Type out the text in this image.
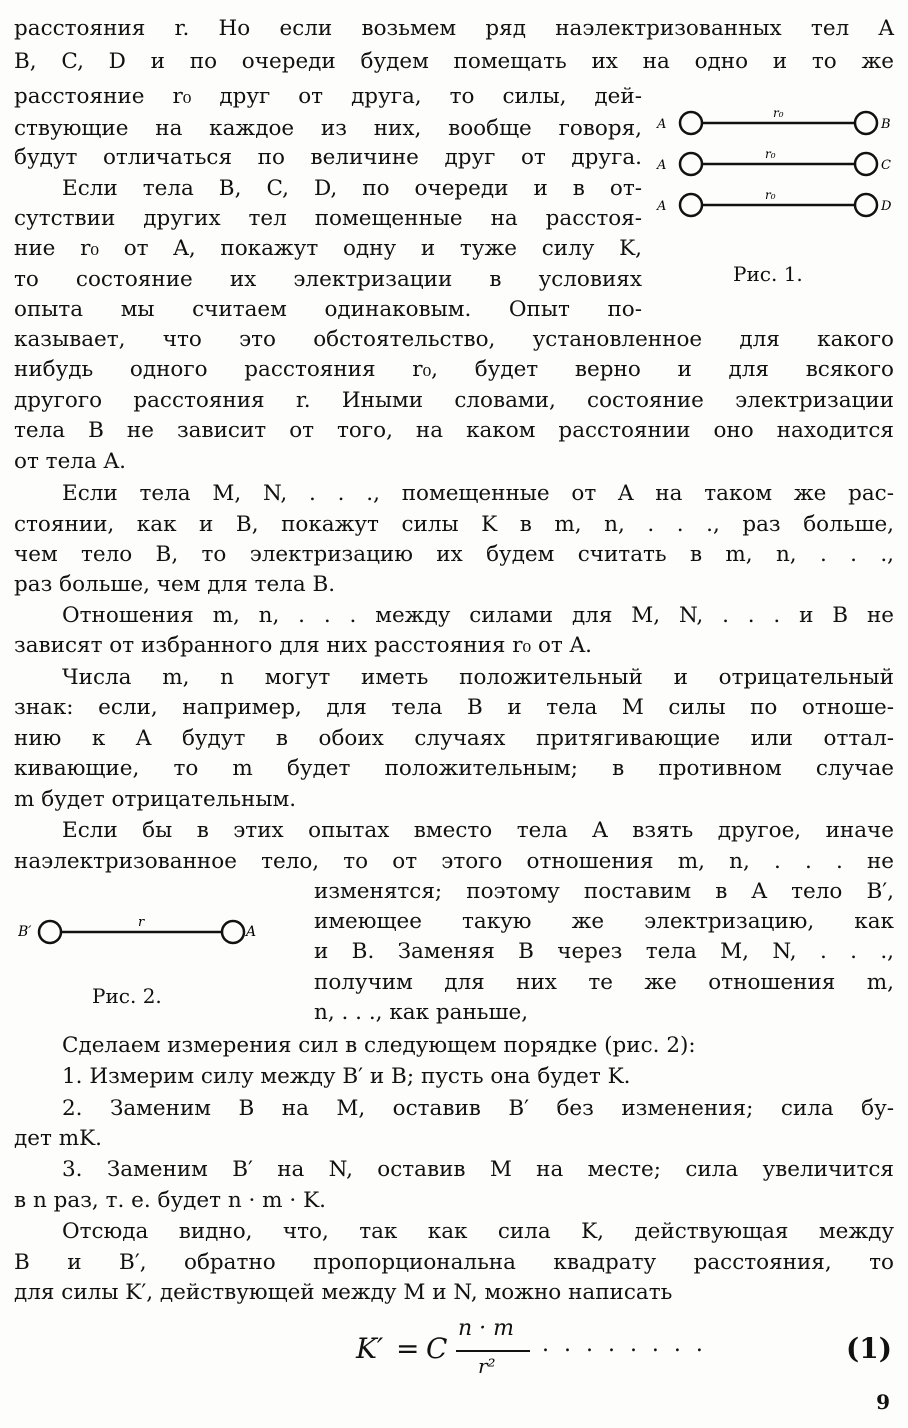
расстояния r. Но если возьмем ряд наэлектризованных тел A
B, C, D и по очереди будем помещать их на одно и то же
расстояние r₀ друг от друга, то силы, дей-
ствующие на каждое из них, вообще говоря,
будут отличаться по величине друг от друга.
Если тела B, C, D, по очереди и в от-
сутствии других тел помещенные на расстоя-
ние r₀ от A, покажут одну и туже силу K,
то состояние их электризации в условиях
опыта мы считаем одинаковым. Опыт по-
казывает, что это обстоятельство, установленное для какого
нибудь одного расстояния r₀, будет верно и для всякого
другого расстояния r. Иными словами, состояние электризации
тела B не зависит от того, на каком расстоянии оно находится
от тела A.
Если тела M, N, . . ., помещенные от A на таком же рас-
стоянии, как и B, покажут силы K в m, n, . . ., раз больше,
чем тело B, то электризацию их будем считать в m, n, . . .,
раз больше, чем для тела B.
Отношения m, n, . . . между силами для M, N, . . . и B не
зависят от избранного для них расстояния r₀ от A.
Числа m, n могут иметь положительный и отрицательный
знак: если, например, для тела B и тела M силы по отноше-
нию к A будут в обоих случаях притягивающие или оттал-
кивающие, то m будет положительным; в противном случае
m будет отрицательным.
Если бы в этих опытах вместо тела A взять другое, иначе
наэлектризованное тело, то от этого отношения m, n, . . . не
изменятся; поэтому поставим в A тело B′,
имеющее такую же электризацию, как
и B. Заменяя B через тела M, N, . . .,
получим для них те же отношения m,
n, . . ., как раньше,
Сделаем измерения сил в следующем порядке (рис. 2):
1. Измерим силу между B′ и B; пусть она будет K.
2. Заменим B на M, оставив B′ без изменения; сила бу-
дет mK.
3. Заменим B′ на N, оставив M на месте; сила увеличится
в n раз, т. е. будет n · m · K.
Отсюда видно, что, так как сила K, действующая между
B и B′, обратно пропорциональна квадрату расстояния, то
для силы K′, действующей между M и N, можно написать
A	B
r₀
A	C
r₀
A	D
r₀
Рис. 1.
B′	A
r
Рис. 2.
K′ = C
n · m
r²
. . . . . . . .	(1)
9
